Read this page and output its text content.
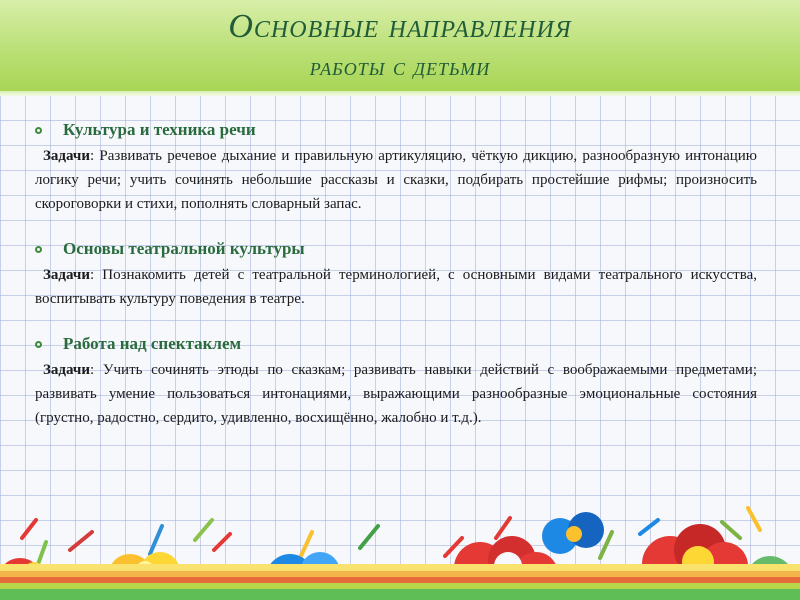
Основные направления
работы с детьми
Культура и техника речи
Задачи: Развивать речевое дыхание и правильную артикуляцию, чёткую дикцию, разнообразную интонацию логику речи; учить сочинять небольшие рассказы и сказки, подбирать простейшие рифмы; произносить скороговорки и стихи, пополнять словарный запас.
Основы театральной культуры
Задачи: Познакомить детей с театральной терминологией, с основными видами театрального искусства, воспитывать культуру поведения в театре.
Работа над спектаклем
Задачи: Учить сочинять этюды по сказкам; развивать навыки действий с воображаемыми предметами; развивать умение пользоваться интонациями, выражающими разнообразные эмоциональные состояния (грустно, радостно, сердито, удивленно, восхищённо, жалобно и т.д.).
